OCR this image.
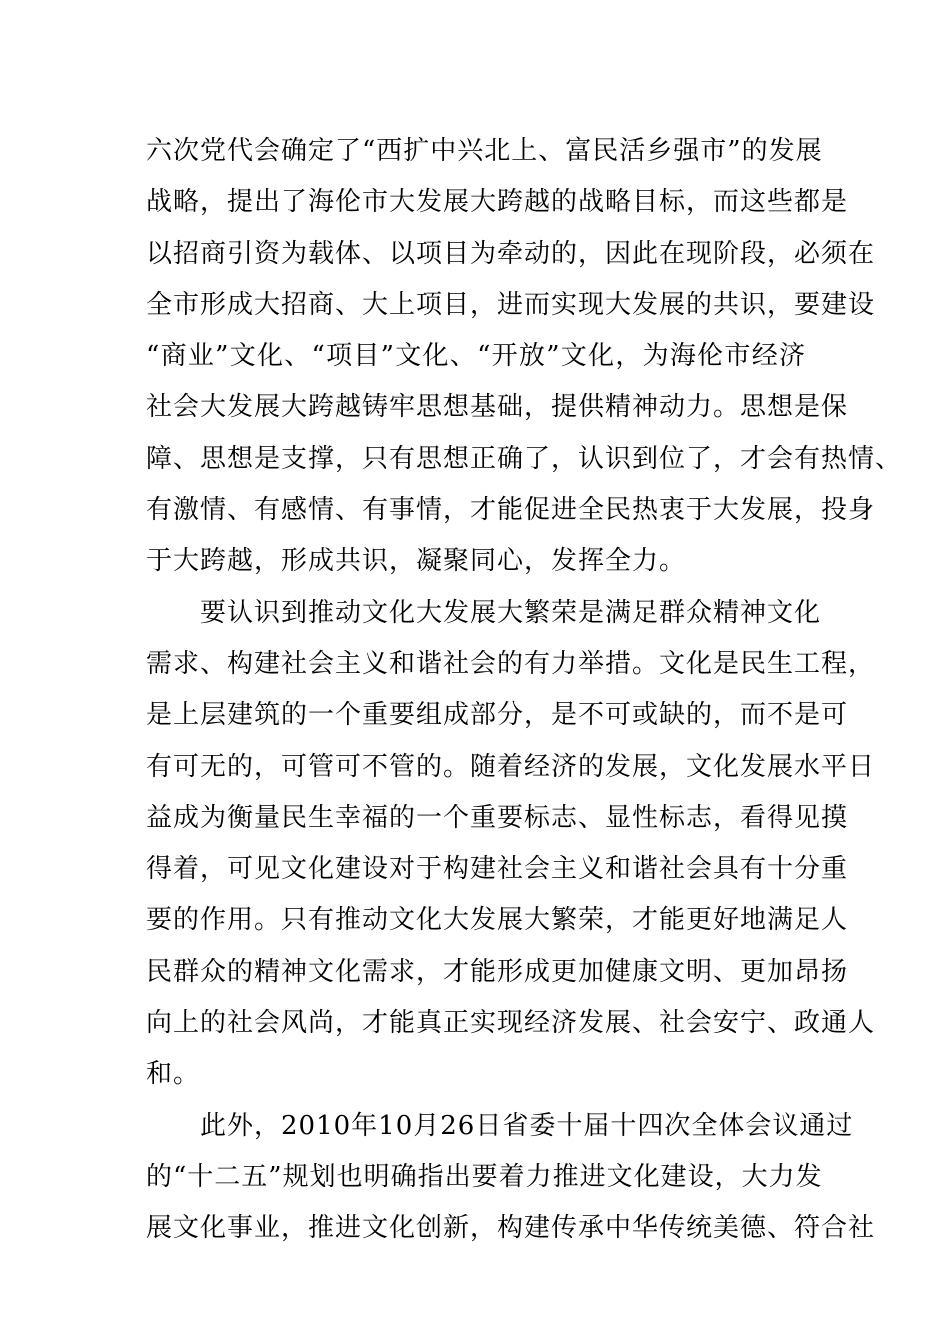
六次党代会确定了“西扩中兴北上、富民活乡强市”的发展
战略，提出了海伦市大发展大跨越的战略目标，而这些都是
以招商引资为载体、以项目为牵动的，因此在现阶段，必须在
全市形成大招商、大上项目，进而实现大发展的共识，要建设
“商业”文化、“项目”文化、“开放”文化，为海伦市经济
社会大发展大跨越铸牢思想基础，提供精神动力。思想是保
障、思想是支撑，只有思想正确了，认识到位了，才会有热情、
有激情、有感情、有事情，才能促进全民热衷于大发展，投身
于大跨越，形成共识，凝聚同心，发挥全力。
要认识到推动文化大发展大繁荣是满足群众精神文化
需求、构建社会主义和谐社会的有力举措。文化是民生工程，
是上层建筑的一个重要组成部分，是不可或缺的，而不是可
有可无的，可管可不管的。随着经济的发展，文化发展水平日
益成为衡量民生幸福的一个重要标志、显性标志，看得见摸
得着，可见文化建设对于构建社会主义和谐社会具有十分重
要的作用。只有推动文化大发展大繁荣，才能更好地满足人
民群众的精神文化需求，才能形成更加健康文明、更加昂扬
向上的社会风尚，才能真正实现经济发展、社会安宁、政通人
和。
此外，2010年10月26日省委十届十四次全体会议通过
的“十二五”规划也明确指出要着力推进文化建设，大力发
展文化事业，推进文化创新，构建传承中华传统美德、符合社
